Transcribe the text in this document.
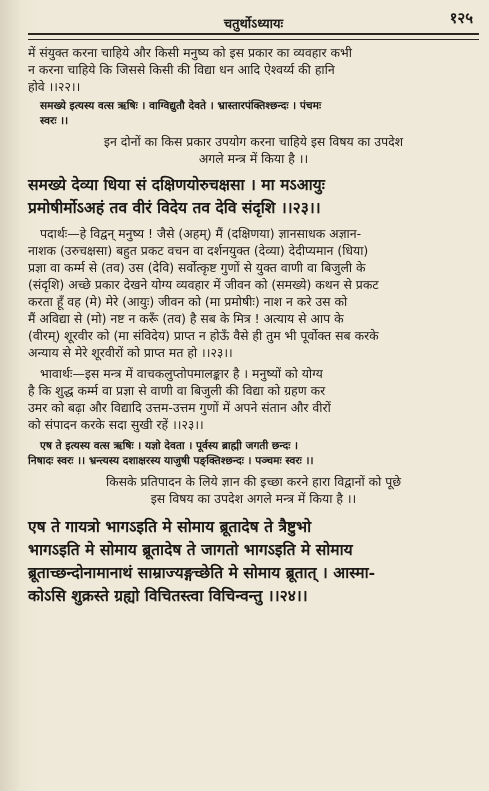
चतुर्थोऽध्यायः	१२५

में संयुक्त करना चाहिये और किसी मनुष्य को इस प्रकार का व्यवहार कभी

न करना चाहिये कि जिससे किसी की विद्या धन आदि ऐश्वर्य्य की हानि

होवे ।।२२।।

समख्ये इत्यस्य वत्स ऋषिः । वाग्विद्युतौ देवते । भ्रास्तारपंक्तिश्छन्दः । पंचमः

स्वरः ।।

इन दोनों का किस प्रकार उपयोग करना चाहिये इस विषय का उपदेश

अगले मन्त्र में किया है ।।

समख्ये देव्या धिया सं दक्षिणयोरुचक्षसा । मा मऽआयुः

प्रमोषीर्मोऽअहं तव वीरं विदेय तव देवि संदृशि ।।२३।।

पदार्थः—हे विद्वन् मनुष्य ! जैसे (अहम्) मैं (दक्षिणया) ज्ञानसाधक अज्ञान-

नाशक (उरुचक्षसा) बहुत प्रकट वचन वा दर्शनयुक्त (देव्या) देदीप्यमान (धिया)

प्रज्ञा वा कर्म्म से (तव) उस (देवि) सर्वोत्कृष्ट गुणों से युक्त वाणी वा बिजुली के

(संदृशि) अच्छे प्रकार देखने योग्य व्यवहार में जीवन को (समख्ये) कथन से प्रकट

करता हूँ वह (मे) मेरे (आयुः) जीवन को (मा प्रमोषीः) नाश न करे उस को

मैं अविद्या से (मो) नष्ट न करूँ (तव) है सब के मित्र ! अत्याय से आप के

(वीरम्) शूरवीर को (मा संविदेय) प्राप्त न होऊँ वैसे ही तुम भी पूर्वोक्त सब करके

अन्याय से मेरे शूरवीरों को प्राप्त मत हो ।।२३।।

भावार्थः—इस मन्त्र में वाचकलुप्तोपमालङ्कार है । मनुष्यों को योग्य

है कि शुद्ध कर्म्म वा प्रज्ञा से वाणी वा बिजुली की विद्या को ग्रहण कर

उमर को बढ़ा और विद्यादि उत्तम-उत्तम गुणों में अपने संतान और वीरों

को संपादन करके सदा सुखी रहें ।।२३।।

एष ते इत्यस्य वत्स ऋषिः । यज्ञो देवता । पूर्वस्य ब्राह्मी जगती छन्दः ।

निषादः स्वरः ।। भ्रन्त्यस्य दशाक्षरस्य याजुषी पङ्क्तिश्छन्दः । पञ्चमः स्वरः ।।

किसके प्रतिपादन के लिये ज्ञान की इच्छा करने हारा विद्वानों को पूछे

इस विषय का उपदेश अगले मन्त्र में किया है ।।

एष ते गायत्रो भागऽइति मे सोमाय ब्रूतादेष ते त्रैष्टुभो

भागऽइति मे सोमाय ब्रूतादेष ते जागतो भागऽइति मे सोमाय

ब्रूताच्छन्दोनामानाथं साम्राज्यङ्गच्छेति मे सोमाय ब्रूतात् । आस्मा-

कोऽसि शुक्रस्ते ग्रह्यो विचितस्त्वा विचिन्वन्तु ।।२४।।
